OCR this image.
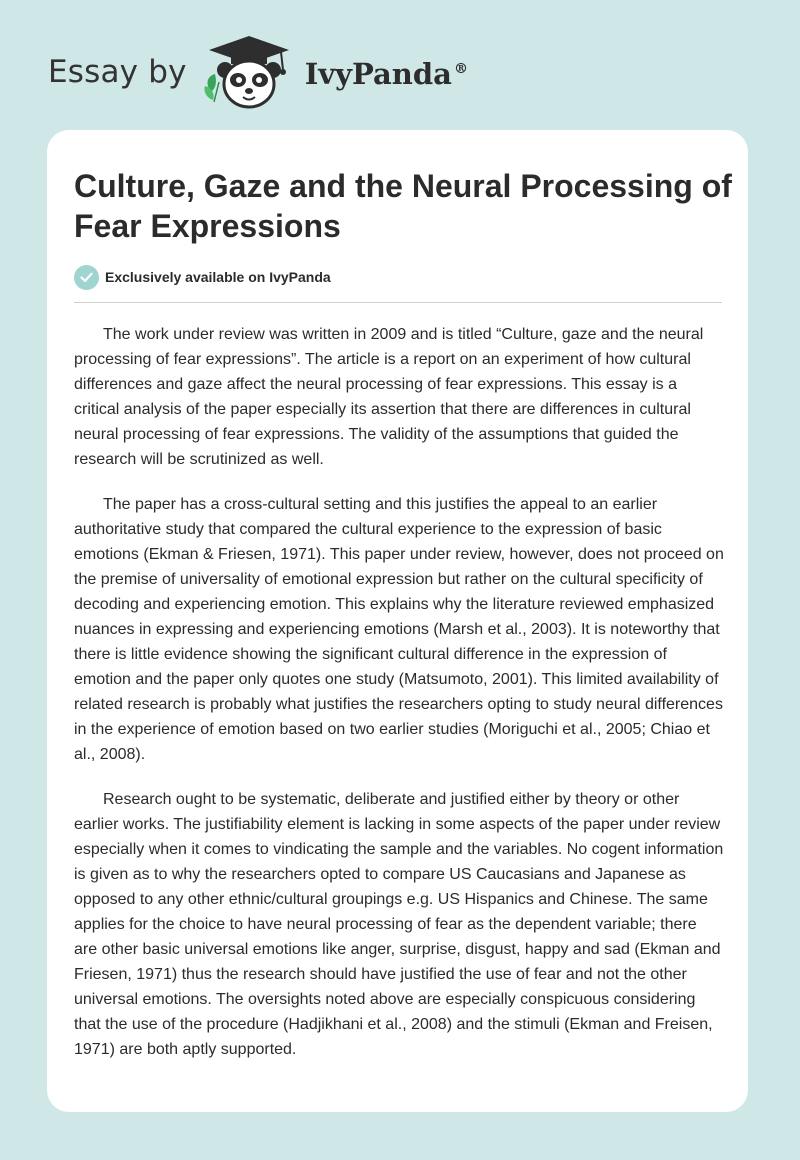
Essay by	IvyPanda ®
Culture, Gaze and the Neural Processing of Fear Expressions
Exclusively available on IvyPanda

The work under review was written in 2009 and is titled “Culture, gaze and the neural processing of fear expressions”. The article is a report on an experiment of how cultural differences and gaze affect the neural processing of fear expressions. This essay is a critical analysis of the paper especially its assertion that there are differences in cultural neural processing of fear expressions. The validity of the assumptions that guided the research will be scrutinized as well.

The paper has a cross-cultural setting and this justifies the appeal to an earlier authoritative study that compared the cultural experience to the expression of basic emotions (Ekman & Friesen, 1971). This paper under review, however, does not proceed on the premise of universality of emotional expression but rather on the cultural specificity of decoding and experiencing emotion. This explains why the literature reviewed emphasized nuances in expressing and experiencing emotions (Marsh et al., 2003). It is noteworthy that there is little evidence showing the significant cultural difference in the expression of emotion and the paper only quotes one study (Matsumoto, 2001). This limited availability of related research is probably what justifies the researchers opting to study neural differences in the experience of emotion based on two earlier studies (Moriguchi et al., 2005; Chiao et al., 2008).

Research ought to be systematic, deliberate and justified either by theory or other earlier works. The justifiability element is lacking in some aspects of the paper under review especially when it comes to vindicating the sample and the variables. No cogent information is given as to why the researchers opted to compare US Caucasians and Japanese as opposed to any other ethnic/cultural groupings e.g. US Hispanics and Chinese. The same applies for the choice to have neural processing of fear as the dependent variable; there are other basic universal emotions like anger, surprise, disgust, happy and sad (Ekman and Friesen, 1971) thus the research should have justified the use of fear and not the other universal emotions. The oversights noted above are especially conspicuous considering that the use of the procedure (Hadjikhani et al., 2008) and the stimuli (Ekman and Freisen, 1971) are both aptly supported.
